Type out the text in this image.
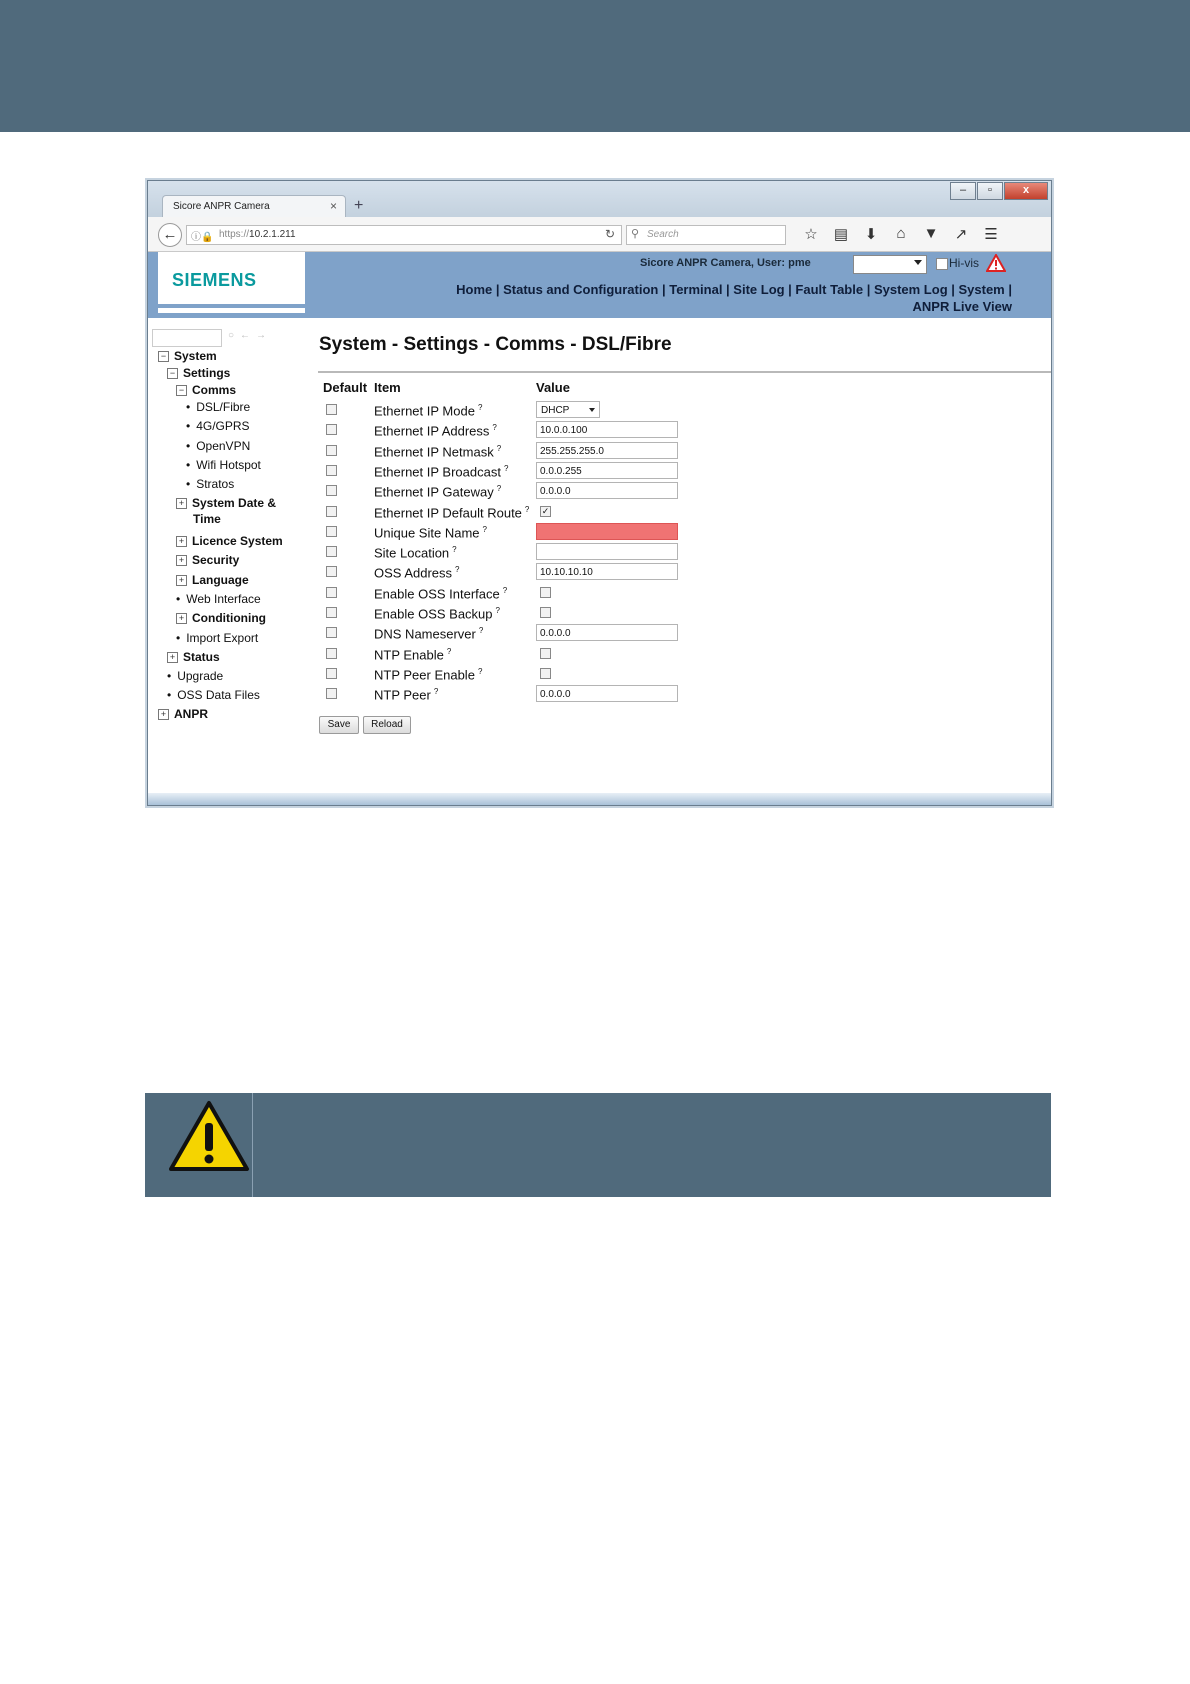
–	▫	x
Sicore ANPR Camera	× +
←	ⓘ🔒 https://10.2.1.211	↻ ⚲ Search	☆	▤	⬇	⌂	▼	↗	☰
SIEMENS
Sicore ANPR Camera, User: pme	Hi-vis
Home | Status and Configuration | Terminal | Site Log | Fault Table | System Log | System |
ANPR Live View
○←→
− System
− Settings
− Comms
• DSL/Fibre
• 4G/GPRS
• OpenVPN
• Wifi Hotspot
• Stratos
+ System Date &
Time
+ Licence System
+ Security
+ Language
• Web Interface
+ Conditioning
• Import Export
+ Status
• Upgrade
• OSS Data Files
+ ANPR
System - Settings - Comms - DSL/Fibre
Default Item	Value
Ethernet IP Mode ?	DHCP
Ethernet IP Address ?	10.0.0.100
Ethernet IP Netmask ?	255.255.255.0
Ethernet IP Broadcast ?	0.0.0.255
Ethernet IP Gateway ?	0.0.0.0
Ethernet IP Default Route ? ✓
Unique Site Name ?
Site Location ?
OSS Address ?	10.10.10.10
Enable OSS Interface ?
Enable OSS Backup ?
DNS Nameserver ?	0.0.0.0
NTP Enable ?
NTP Peer Enable ?
NTP Peer ?	0.0.0.0
Save	Reload
